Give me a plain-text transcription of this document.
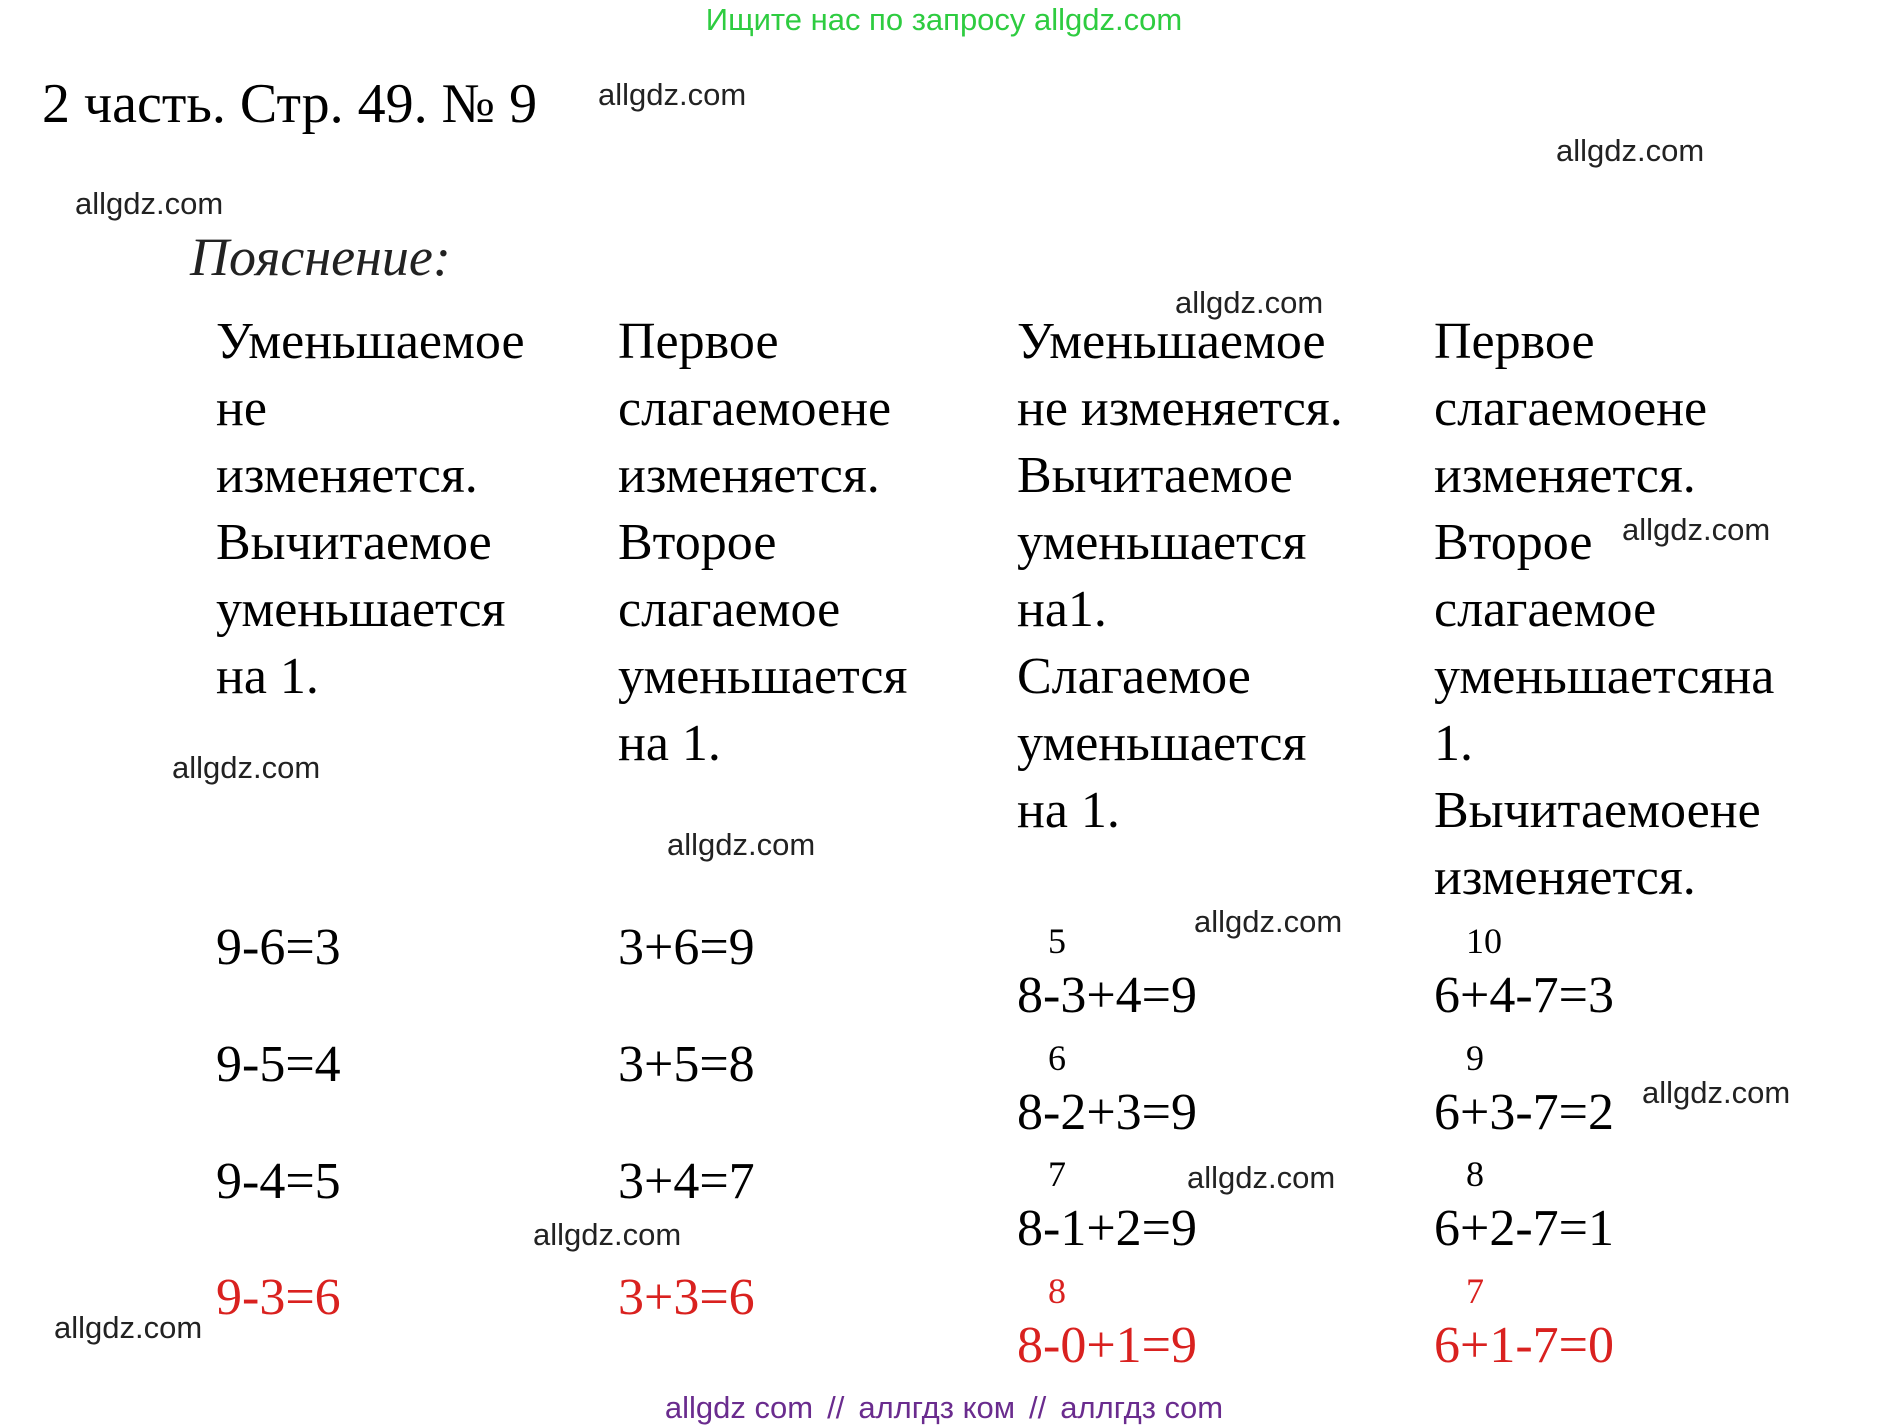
Ищите нас по запросу allgdz.com
2 часть. Стр. 49. № 9
Пояснение:
allgdz.com
allgdz.com
allgdz.com
allgdz.com
allgdz.com
allgdz.com
allgdz.com
allgdz.com
allgdz.com
allgdz.com
allgdz.com
allgdz.com
Уменьшаемое
не
изменяется.
Вычитаемое
уменьшается
на 1.
Первое
слагаемоене
изменяется.
Второе
слагаемое
уменьшается
на 1.
Уменьшаемое
не изменяется.
Вычитаемое
уменьшается
на1.
Слагаемое
уменьшается
на 1.
Первое
слагаемоене
изменяется.
Второе
слагаемое
уменьшаетсяна
1.
Вычитаемоене
изменяется.
9-6=3
9-5=4
9-4=5
9-3=6
3+6=9
3+5=8
3+4=7
3+3=6
5
8-3+4=9
6
8-2+3=9
7
8-1+2=9
8
8-0+1=9
10
6+4-7=3
9
6+3-7=2
8
6+2-7=1
7
6+1-7=0
allgdz com // аллгдз ком // аллгдз com
